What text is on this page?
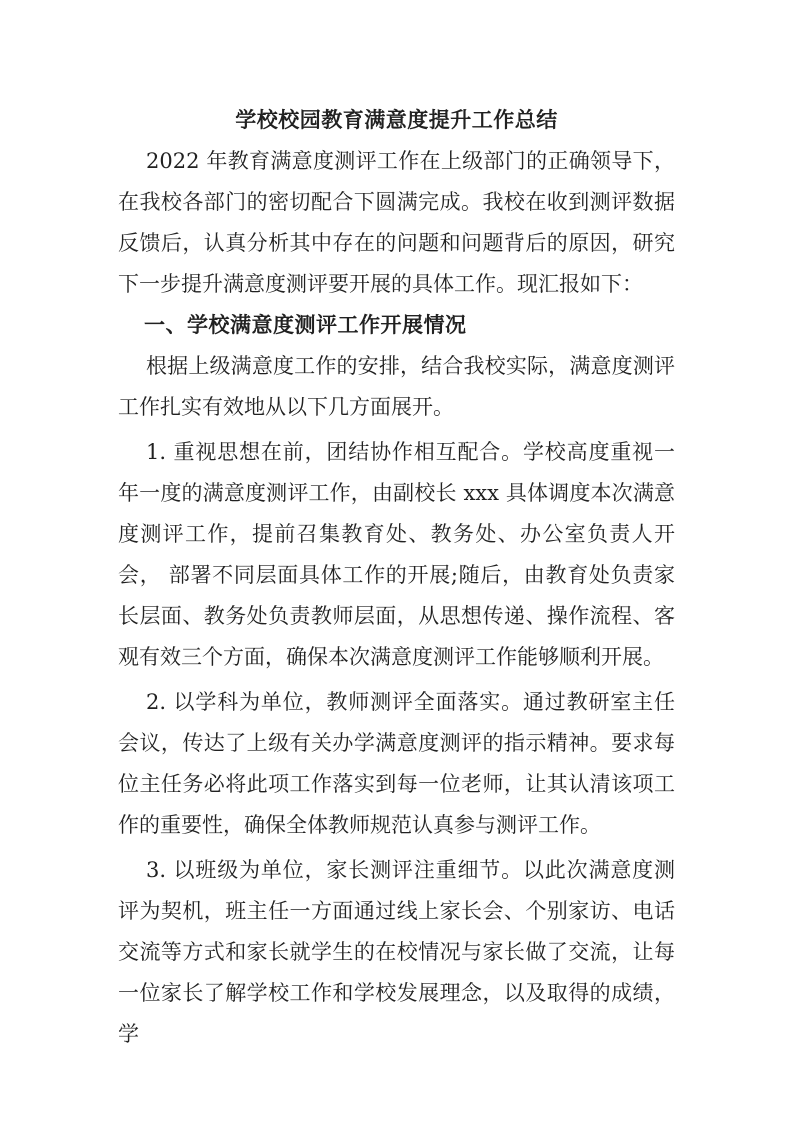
学校校园教育满意度提升工作总结

2022 年教育满意度测评工作在上级部门的正确领导下，在我校各部门的密切配合下圆满完成。我校在收到测评数据反馈后，认真分析其中存在的问题和问题背后的原因，研究下一步提升满意度测评要开展的具体工作。现汇报如下：

一、学校满意度测评工作开展情况

根据上级满意度工作的安排，结合我校实际，满意度测评工作扎实有效地从以下几方面展开。

1. 重视思想在前，团结协作相互配合。学校高度重视一年一度的满意度测评工作，由副校长 xxx 具体调度本次满意度测评工作，提前召集教育处、教务处、办公室负责人开会， 部署不同层面具体工作的开展;随后，由教育处负责家长层面、教务处负责教师层面，从思想传递、操作流程、客观有效三个方面，确保本次满意度测评工作能够顺利开展。

2. 以学科为单位，教师测评全面落实。通过教研室主任会议，传达了上级有关办学满意度测评的指示精神。要求每位主任务必将此项工作落实到每一位老师，让其认清该项工作的重要性，确保全体教师规范认真参与测评工作。

3. 以班级为单位，家长测评注重细节。以此次满意度测评为契机，班主任一方面通过线上家长会、个别家访、电话交流等方式和家长就学生的在校情况与家长做了交流，让每一位家长了解学校工作和学校发展理念，以及取得的成绩，学
